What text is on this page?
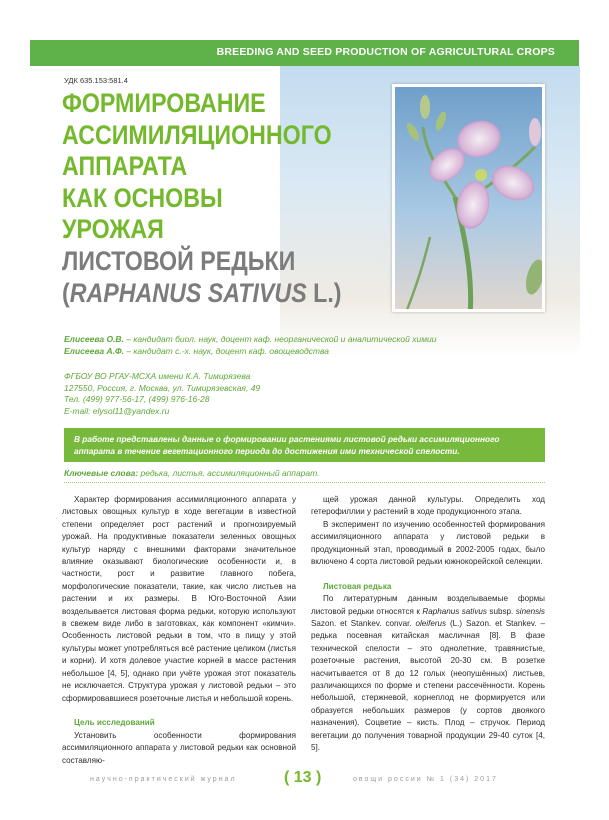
BREEDING AND SEED PRODUCTION OF AGRICULTURAL CROPS
УДК 635.153:581.4
ФОРМИРОВАНИЕ
АССИМИЛЯЦИОННОГО
АППАРАТА
КАК ОСНОВЫ
УРОЖАЯ
ЛИСТОВОЙ РЕДЬКИ
(RAPHANUS SATIVUS L.)
Елисеева О.В. – кандидат биол. наук, доцент каф. неорганической и аналитической химии
Елисеева А.Ф. – кандидат с.-х. наук, доцент каф. овощеводства
ФГБОУ ВО РГАУ-МСХА имени К.А. Тимирязева
127550, Россия, г. Москва, ул. Тимирязевская, 49
Тел. (499) 977-56-17, (499) 976-16-28
E-mail: elysol11@yandex.ru
В работе представлены данные о формировании растениями листовой редьки ассимиляционного аппарата в течение вегетационного периода до достижения ими технической спелости.
Ключевые слова: редька, листья, ассимиляционный аппарат.

Характер формирования ассимиляционного аппарата у листовых овощных культур в ходе вегетации в известной степени определяет рост растений и прогнозируемый урожай. На продуктивные показатели зеленных овощных культур наряду с внешними факторами значительное влияние оказывают биологические особенности и, в частности, рост и развитие главного побега, морфологические показатели, такие, как число листьев на растении и их размеры. В Юго-Восточной Азии возделывается листовая форма редьки, которую используют в свежем виде либо в заготовках, как компонент «кимчи». Особенность листовой редьки в том, что в пищу у этой культуры может употребляться всё растение целиком (листья и корни). И хотя долевое участие корней в массе растения небольшое [4, 5], однако при учёте урожая этот показатель не исключается. Структура урожая у листовой редьки – это сформировавшиеся розеточные листья и небольшой корень.

Цель исследований

Установить особенности формирования ассимиляционного аппарата у листовой редьки как основной составляю-

щей урожая данной культуры. Определить ход гетерофиллии у растений в ходе продукционного этапа.

В эксперимент по изучению особенностей формирования ассимиляционного аппарата у листовой редьки в продукционный этап, проводимый в 2002-2005 годах, было включено 4 сорта листовой редьки южнокорейской селекции.

Листовая редька

По литературным данным возделываемые формы листовой редьки относятся к Raphanus sativus subsp. sinensis Sazon. et Stankev. convar. oleiferus (L.) Sazon. et Stankev. – редька посевная китайская масличная [8]. В фазе технической спелости – это однолетние, травянистые, розеточные растения, высотой 20-30 см. В розетке насчитывается от 8 до 12 голых (неопушённых) листьев, различающихся по форме и степени рассечённости. Корень небольшой, стержневой, корнеплод не формируется или образуется небольших размеров (у сортов двоякого назначения). Соцветие – кисть. Плод – стручок. Период вегетации до получения товарной продукции 29-40 суток [4, 5].

научно-практический журнал	( 13 )	овощи россии № 1 (34) 2017
